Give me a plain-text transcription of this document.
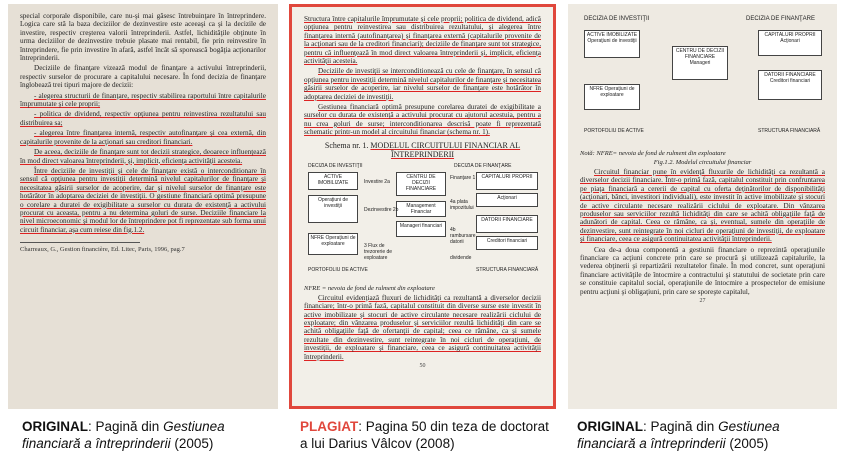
special corporale disponibile, care nu-şi mai găsesc întrebuinţare în întreprindere. Logica care stă la baza deciziilor de dezinvestire este aceeaşi ca şi la decizile de investire, respectiv creşterea valorii întreprinderii. Astfel, lichidităţile obţinute în urma deciziilor de dezinvestire trebuie plasate mai rentabil, fie prin reinvestire în întreprindere, fie prin investire în afară, astfel încât să sporească bogăţia acţionarilor întreprinderii.

Deciziile de finanţare vizează modul de finanţare a activului întreprinderii, respectiv surselor de procurare a capitalului necesare. În fond decizia de finanţare înglobează trei tipuri majore de decizii:

- alegerea structurii de finanţare, respectiv stabilirea raportului între capitalurile împrumutate şi cele proprii;

- politica de dividend, respectiv opţiunea pentru reinvestirea rezultatului sau distribuirea sa;

- alegerea între finanţarea internă, respectiv autofinanţare şi cea externă, din capitalurile provenite de la acţionari sau creditori financiari.

De aceea, deciziile de finanţare sunt tot decizii strategice, deoarece influenţează în mod direct valoarea întreprinderii, şi, implicit, eficienţa activităţii acesteia.

Între deciziile de investiţii şi cele de finanţare există o interconditionare în sensul că opţiunea pentru investiţii determină nivelul capitalurilor de finanţare şi necesitatea găsirii surselor de acoperire, dar şi nivelul surselor de finanţare este hotărâtor în adoptarea deciziei de investiţii. O gestiune financiară optimă presupune o corelare a duratei de exigibilitate a surselor cu durata de existenţă a activului procurat cu aceasta, pentru a nu determina goluri de surse. Deciziile financiare la nivel microeconomic şi modul lor de întreprindere pot fi reprezentate sub forma unui circuit financiar, aşa cum reiese din fig.1.2.

Charreaux, G., Gestion financière, Ed. Litec, Paris, 1996, pag.7

Structura între capitalurile împrumutate şi cele proprii; politica de dividend, adică opţiunea pentru reinvestirea sau distribuirea rezultatului, şi alegerea între finanţarea internă (autofinanţarea) şi finanţarea externă (capitalurile provenite de la acţionari sau de la creditori financiari); deciziile de finanţare sunt tot strategice, pentru că influenţează în mod direct valoarea întreprinderii şi, implicit, eficienţa activităţii acesteia.

Deciziile de investiţii se interconditionează cu cele de finanţare, în sensul că opţiunea pentru investiţii determină nivelul capitalurilor de finanţare şi necesitatea găsirii surselor de acoperire, iar nivelul surselor de finanţare este hotărâtor în adoptarea deciziei de investiţii.

Gestiunea financiară optimă presupune corelarea duratei de exigibilitate a surselor cu durata de existenţă a activului procurat cu ajutorul acestuia, pentru a nu crea goluri de surse; interconditionarea descrisă poate fi reprezentată schematic printr-un model al circuitului financiar (schema nr. 1).

Schema nr. 1. MODELUL CIRCUITULUI FINANCIAR AL ÎNTREPRINDERII
DECIZIA DE INVESTIŢII	DECIZIA DE FINANŢARE
ACTIVE IMOBILIZATE
Operaţiuni de investiţii
NFRE Operaţiuni de exploatare
CENTRU DE DECIZII FINANCIARE
Management Financiar
Manageri financiari
CAPITALURI PROPRII
Acţionari
DATORII FINANCIARE
Creditori financiari
Investire 2a
Dezinvestire 2b
Finanţare 1
3 Flux de trezorerie de exploatare
4a plata impozitului
4b rambursare datorii
dividende
PORTOFOLIU DE ACTIVE	STRUCTURA FINANCIARĂ

NFRE = nevoia de fond de rulment din exploatare

Circuitul evidenţiază fluxuri de lichidităţi ca rezultantă a diverselor decizii financiare; într-o primă fază, capitalul constituit din diverse surse este investit în active imobilizate şi stocuri de active circulante necesare realizării ciclului de exploatare; din vânzarea produselor şi serviciilor rezultă lichidităţi din care se achită obligaţiile faţă de ofertanţii de capital; ceea ce rămâne, ca şi sumele rezultate din dezinvestire, sunt reintegrate în noi cicluri de operaţiuni, de investiţii, de exploatare şi financiare, ceea ce asigură continuitatea activităţii întreprinderii.

50
DECIZIA DE INVESTIŢII	DECIZIA DE FINANŢARE
ACTIVE IMOBILIZATE Operaţiuni de investiţii
NFRE Operaţiuni de exploatare
CENTRU DE DECIZII FINANCIARE Manageri
CAPITALURI PROPRII Acţionari
DATORII FINANCIARE Creditori financiari
PORTOFOLIU DE ACTIVE	STRUCTURA FINANCIARĂ

Notă: NFRE= nevoia de fond de rulment din exploatare

Fig.1.2. Modelul circuitului financiar

Circuitul financiar pune în evidenţă fluxurile de lichidităţi ca rezultantă a diverselor decizii financiare. Într-o primă fază, capitalul constituit prin confruntarea pe piaţa financiară a cererii de capital cu oferta deţinătorilor de disponibilităţi (acţionari, bănci, investitori individuali), este investit în active imobilizate şi stocuri de active circulante necesare realizării ciclului de exploatare. Din vânzarea produselor sau serviciilor rezultă lichidităţi din care se achită obligaţiile faţă de adunători de capital. Ceea ce rămâne, ca şi, eventual, sumele din operaţiile de dezinvestire, sunt reintegrate în noi cicluri de operaţiuni de investiţii, de exploatare şi financiare, ceea ce asigură continuitatea activităţii întreprinderii.

Cea de-a doua componentă a gestiunii financiare o reprezintă operaţiunile financiare ca acţiuni concrete prin care se procură şi utilizează capitalurile, la vederea obţinerii şi repartizării rezultatelor finale. În mod concret, sunt operaţiuni financiare activităţile de întocmire a contractului şi statutului de societate prin care se constituie capitalul social, operaţiunile de întocmire a prospectelor de emisiune pentru acţiuni şi obligaţiuni, prin care se sporeşte capitalul,

27
ORIGINAL: Pagină din Gestiunea financiară a întreprinderii (2005)
PLAGIAT: Pagina 50 din teza de doctorat a lui Darius Vâlcov (2008)
ORIGINAL: Pagină din Gestiunea financiară a întreprinderii (2005)
